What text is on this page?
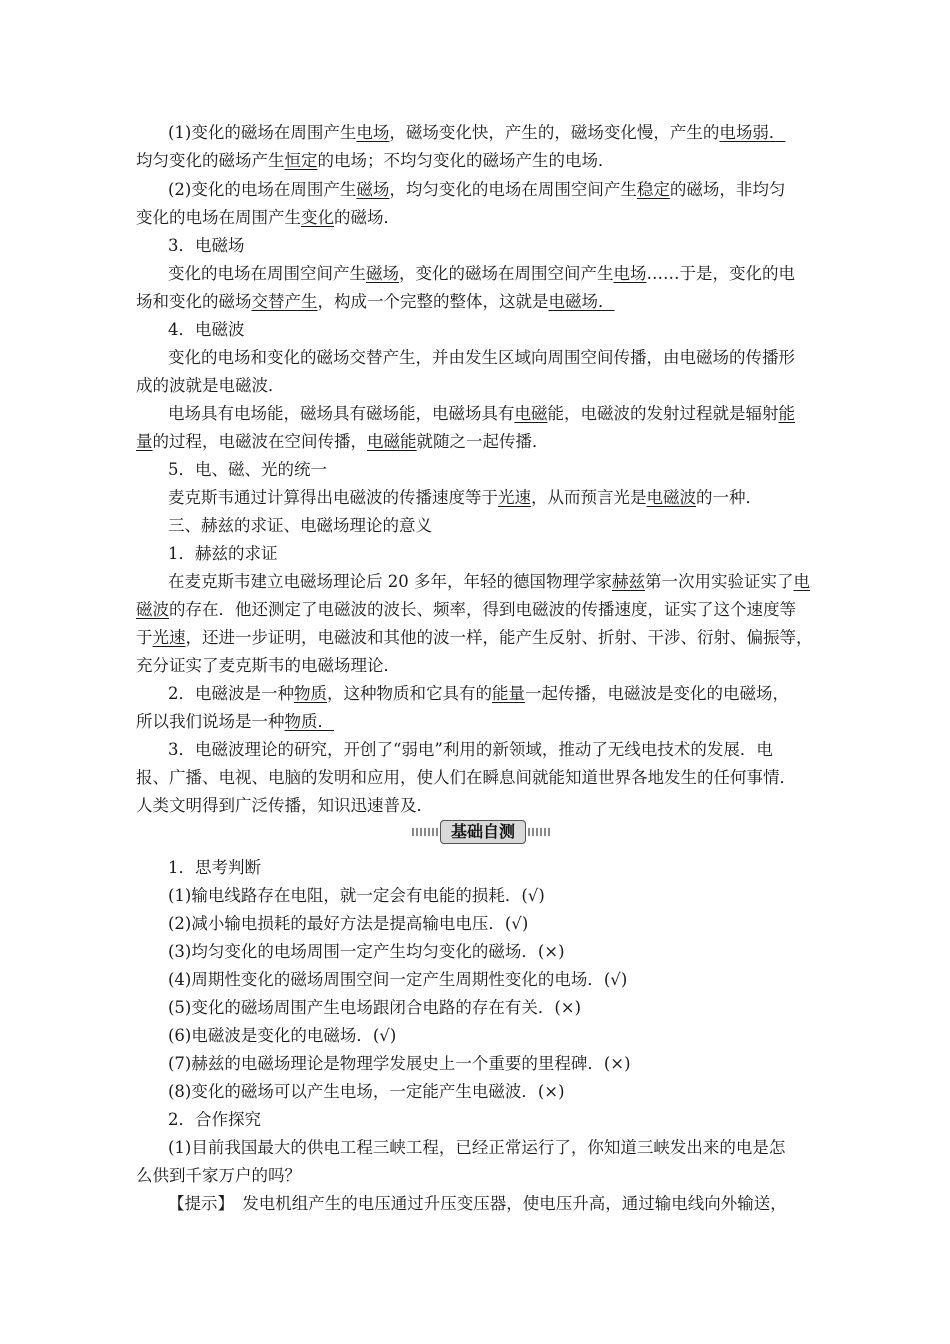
(1)变化的磁场在周围产生电场，磁场变化快，产生的，磁场变化慢，产生的电场弱．
均匀变化的磁场产生恒定的电场；不均匀变化的磁场产生的电场．
(2)变化的电场在周围产生磁场，均匀变化的电场在周围空间产生稳定的磁场，非均匀
变化的电场在周围产生变化的磁场．
3．电磁场
变化的电场在周围空间产生磁场，变化的磁场在周围空间产生电场……于是，变化的电
场和变化的磁场交替产生，构成一个完整的整体，这就是电磁场．
4．电磁波
变化的电场和变化的磁场交替产生，并由发生区域向周围空间传播，由电磁场的传播形
成的波就是电磁波．
电场具有电场能，磁场具有磁场能，电磁场具有电磁能，电磁波的发射过程就是辐射能
量的过程，电磁波在空间传播，电磁能就随之一起传播．
5．电、磁、光的统一
麦克斯韦通过计算得出电磁波的传播速度等于光速，从而预言光是电磁波的一种．
三、赫兹的求证、电磁场理论的意义
1．赫兹的求证
在麦克斯韦建立电磁场理论后 20 多年，年轻的德国物理学家赫兹第一次用实验证实了电
磁波的存在．他还测定了电磁波的波长、频率，得到电磁波的传播速度，证实了这个速度等
于光速，还进一步证明，电磁波和其他的波一样，能产生反射、折射、干涉、衍射、偏振等，
充分证实了麦克斯韦的电磁场理论．
2．电磁波是一种物质，这种物质和它具有的能量一起传播，电磁波是变化的电磁场，
所以我们说场是一种物质．
3．电磁波理论的研究，开创了“弱电”利用的新领域，推动了无线电技术的发展．电
报、广播、电视、电脑的发明和应用，使人们在瞬息间就能知道世界各地发生的任何事情．
人类文明得到广泛传播，知识迅速普及．
1．思考判断
(1)输电线路存在电阻，就一定会有电能的损耗．(√)
(2)减小输电损耗的最好方法是提高输电电压．(√)
(3)均匀变化的电场周围一定产生均匀变化的磁场．(×)
(4)周期性变化的磁场周围空间一定产生周期性变化的电场．(√)
(5)变化的磁场周围产生电场跟闭合电路的存在有关．(×)
(6)电磁波是变化的电磁场．(√)
(7)赫兹的电磁场理论是物理学发展史上一个重要的里程碑．(×)
(8)变化的磁场可以产生电场，一定能产生电磁波．(×)
2．合作探究
(1)目前我国最大的供电工程三峡工程，已经正常运行了，你知道三峡发出来的电是怎
么供到千家万户的吗？
【提示】　发电机组产生的电压通过升压变压器，使电压升高，通过输电线向外输送，
基础自测
